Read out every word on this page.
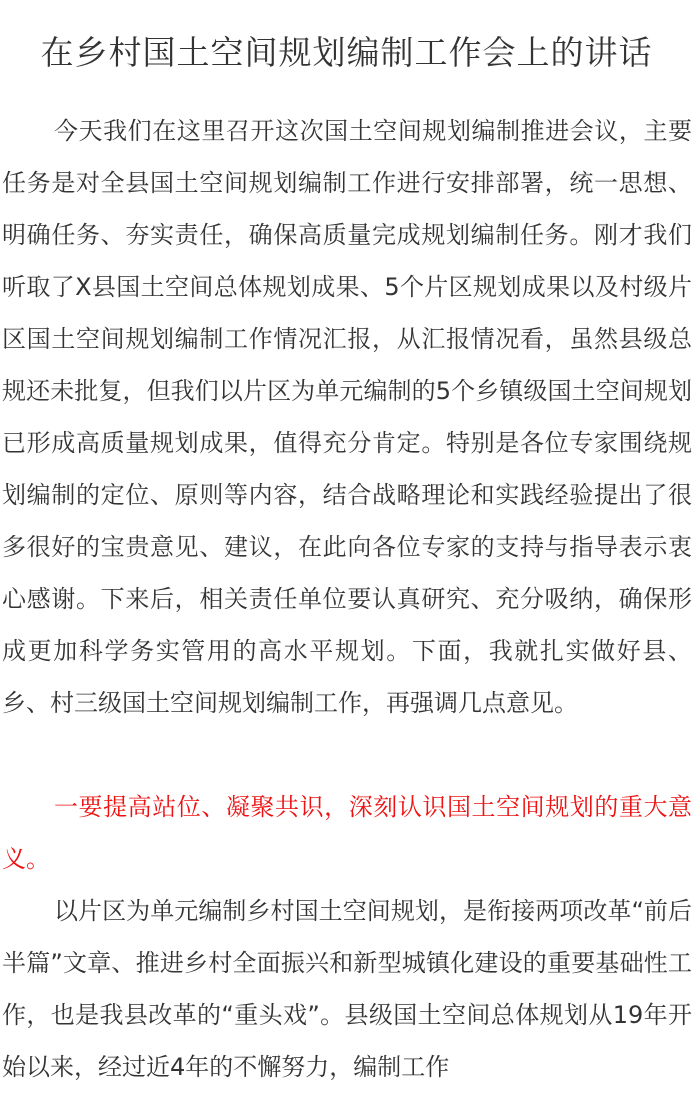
在乡村国土空间规划编制工作会上的讲话

今天我们在这里召开这次国土空间规划编制推进会议，主要任务是对全县国土空间规划编制工作进行安排部署，统一思想、明确任务、夯实责任，确保高质量完成规划编制任务。刚才我们听取了X县国土空间总体规划成果、5个片区规划成果以及村级片区国土空间规划编制工作情况汇报，从汇报情况看，虽然县级总规还未批复，但我们以片区为单元编制的5个乡镇级国土空间规划已形成高质量规划成果，值得充分肯定。特别是各位专家围绕规划编制的定位、原则等内容，结合战略理论和实践经验提出了很多很好的宝贵意见、建议，在此向各位专家的支持与指导表示衷心感谢。下来后，相关责任单位要认真研究、充分吸纳，确保形成更加科学务实管用的高水平规划。下面，我就扎实做好县、乡、村三级国土空间规划编制工作，再强调几点意见。

一要提高站位、凝聚共识，深刻认识国土空间规划的重大意义。

以片区为单元编制乡村国土空间规划，是衔接两项改革“前后半篇”文章、推进乡村全面振兴和新型城镇化建设的重要基础性工作，也是我县改革的“重头戏”。县级国土空间总体规划从19年开始以来，经过近4年的不懈努力，编制工作
